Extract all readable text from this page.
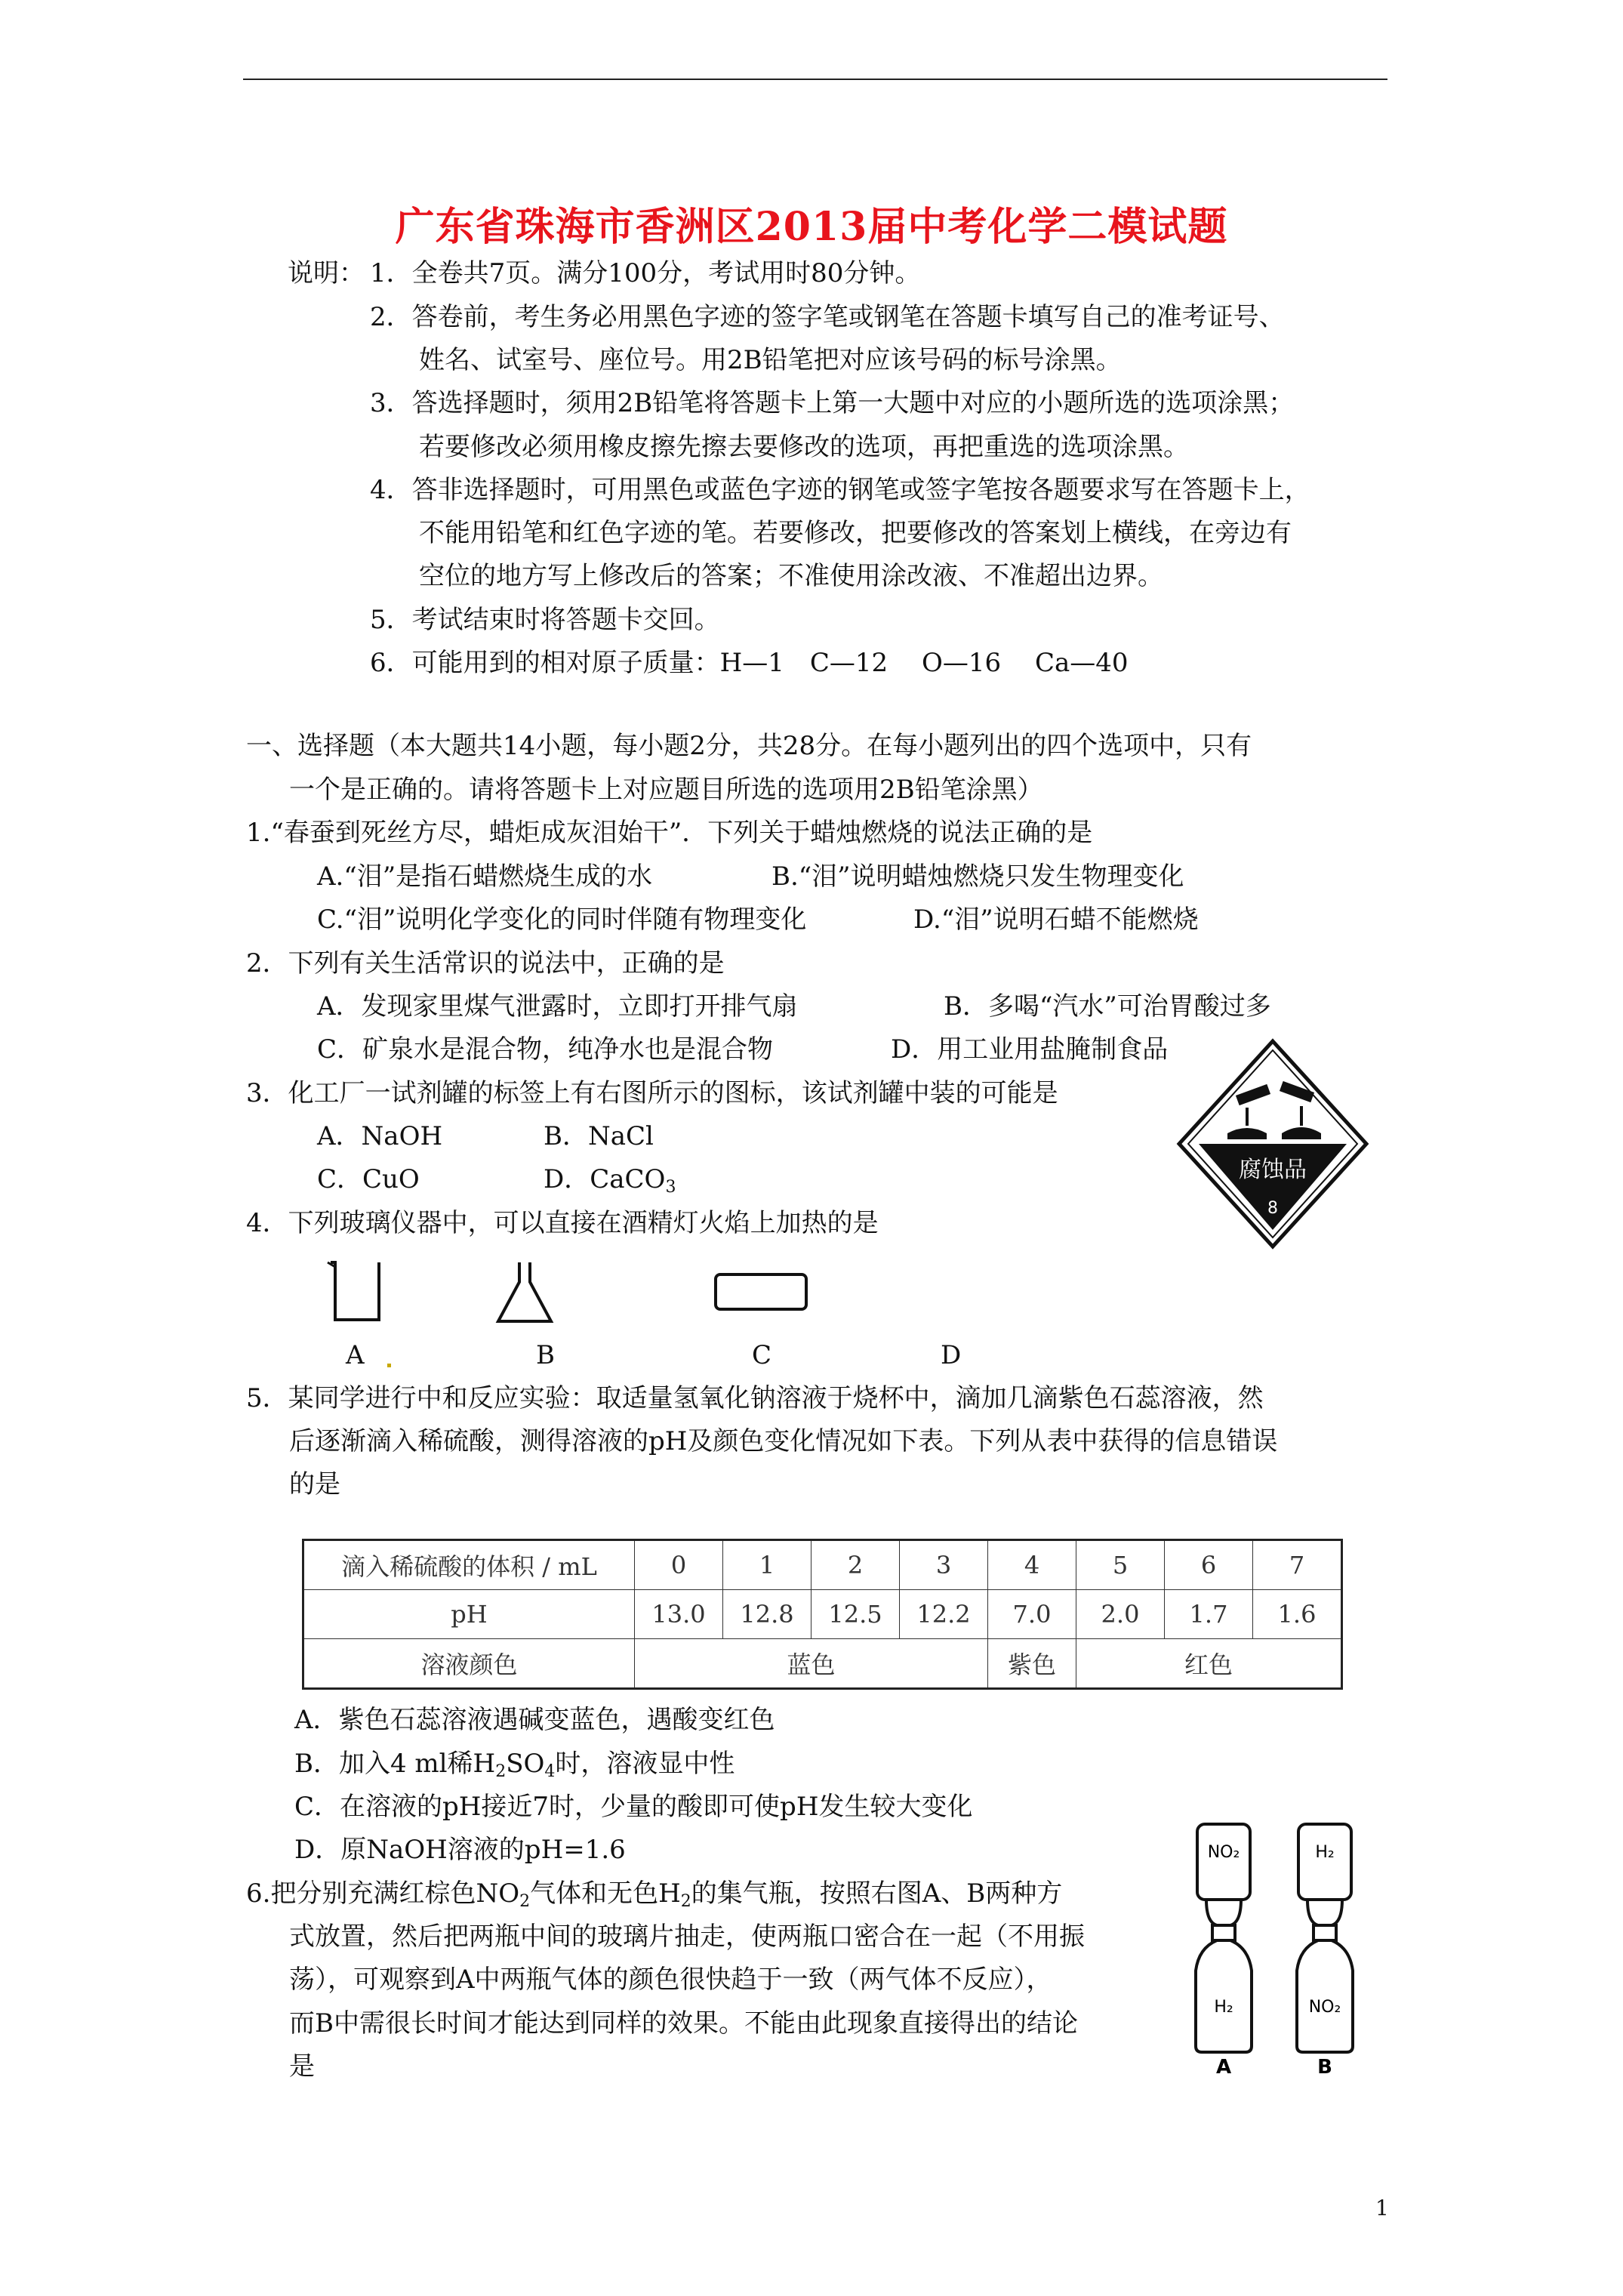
广东省珠海市香洲区2013届中考化学二模试题
说明： 1．全卷共7页。满分100分，考试用时80分钟。
2．答卷前，考生务必用黑色字迹的签字笔或钢笔在答题卡填写自己的准考证号、
姓名、试室号、座位号。用2B铅笔把对应该号码的标号涂黑。
3．答选择题时，须用2B铅笔将答题卡上第一大题中对应的小题所选的选项涂黑；
若要修改必须用橡皮擦先擦去要修改的选项，再把重选的选项涂黑。
4．答非选择题时，可用黑色或蓝色字迹的钢笔或签字笔按各题要求写在答题卡上，
不能用铅笔和红色字迹的笔。若要修改，把要修改的答案划上横线，在旁边有
空位的地方写上修改后的答案；不准使用涂改液、不准超出边界。
5．考试结束时将答题卡交回。
6．可能用到的相对原子质量：H—1　C—12　 O—16　 Ca—40
一、选择题（本大题共14小题，每小题2分，共28分。在每小题列出的四个选项中，只有
一个是正确的。请将答题卡上对应题目所选的选项用2B铅笔涂黑）
1.“春蚕到死丝方尽，蜡炬成灰泪始干”．下列关于蜡烛燃烧的说法正确的是
A.“泪”是指石蜡燃烧生成的水	B.“泪”说明蜡烛燃烧只发生物理变化
C.“泪”说明化学变化的同时伴随有物理变化	D.“泪”说明石蜡不能燃烧
2．下列有关生活常识的说法中，正确的是
A．发现家里煤气泄露时，立即打开排气扇	B．多喝“汽水”可治胃酸过多
C．矿泉水是混合物，纯净水也是混合物	D．用工业用盐腌制食品
3．化工厂一试剂罐的标签上有右图所示的图标，该试剂罐中装的可能是
A．NaOH	B．NaCl
C．CuO	D．CaCO$_3$
腐蚀品
8
4．下列玻璃仪器中，可以直接在酒精灯火焰上加热的是
A	B	C	D
5．某同学进行中和反应实验：取适量氢氧化钠溶液于烧杯中，滴加几滴紫色石蕊溶液，然
后逐渐滴入稀硫酸，测得溶液的pH及颜色变化情况如下表。下列从表中获得的信息错误
的是
滴入稀硫酸的体积 / mL	0	1	2	3	4	5	6	7
pH	13.0	12.8	12.5	12.2	7.0	2.0	1.7	1.6
溶液颜色	蓝色				紫色	红色		
A．紫色石蕊溶液遇碱变蓝色，遇酸变红色
B．加入4 ml稀$H_2SO_4$时，溶液显中性
C．在溶液的pH接近7时，少量的酸即可使pH发生较大变化
D．原NaOH溶液的pH=1.6
6.把分别充满红棕色$NO_2$气体和无色$H_2$的集气瓶，按照右图A、B两种方
式放置，然后把两瓶中间的玻璃片抽走，使两瓶口密合在一起（不用振
荡），可观察到A中两瓶气体的颜色很快趋于一致（两气体不反应），
而B中需很长时间才能达到同样的效果。不能由此现象直接得出的结论
是
NO₂
H₂
A
H₂
NO₂
B
1
